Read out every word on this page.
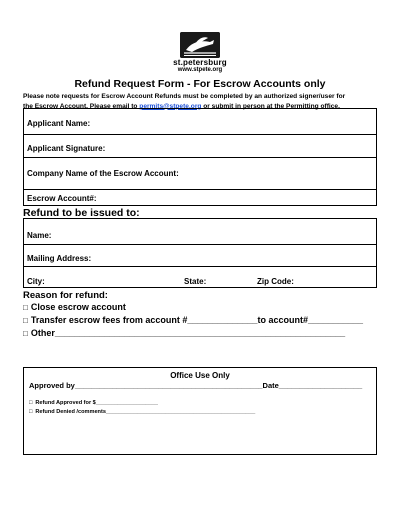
st.petersburg
www.stpete.org
Refund Request Form - For Escrow Accounts only
Please note requests for Escrow Account Refunds must be completed by an authorized signer/user for
the Escrow Account. Please email to permits@stpete.org or submit in person at the Permitting office.
Applicant Name:
Applicant Signature:
Company Name of the Escrow Account:
Escrow Account#:
Refund to be issued to:
Name:
Mailing Address:
City:	State:	Zip Code:
Reason for refund:
□ Close escrow account
□ Transfer escrow fees from account #______________to account#___________
□ Other__________________________________________________________
Office Use Only
Approved by_____________________________________________Date____________________
□ Refund Approved for $____________________
□ Refund Denied /comments________________________________________________
